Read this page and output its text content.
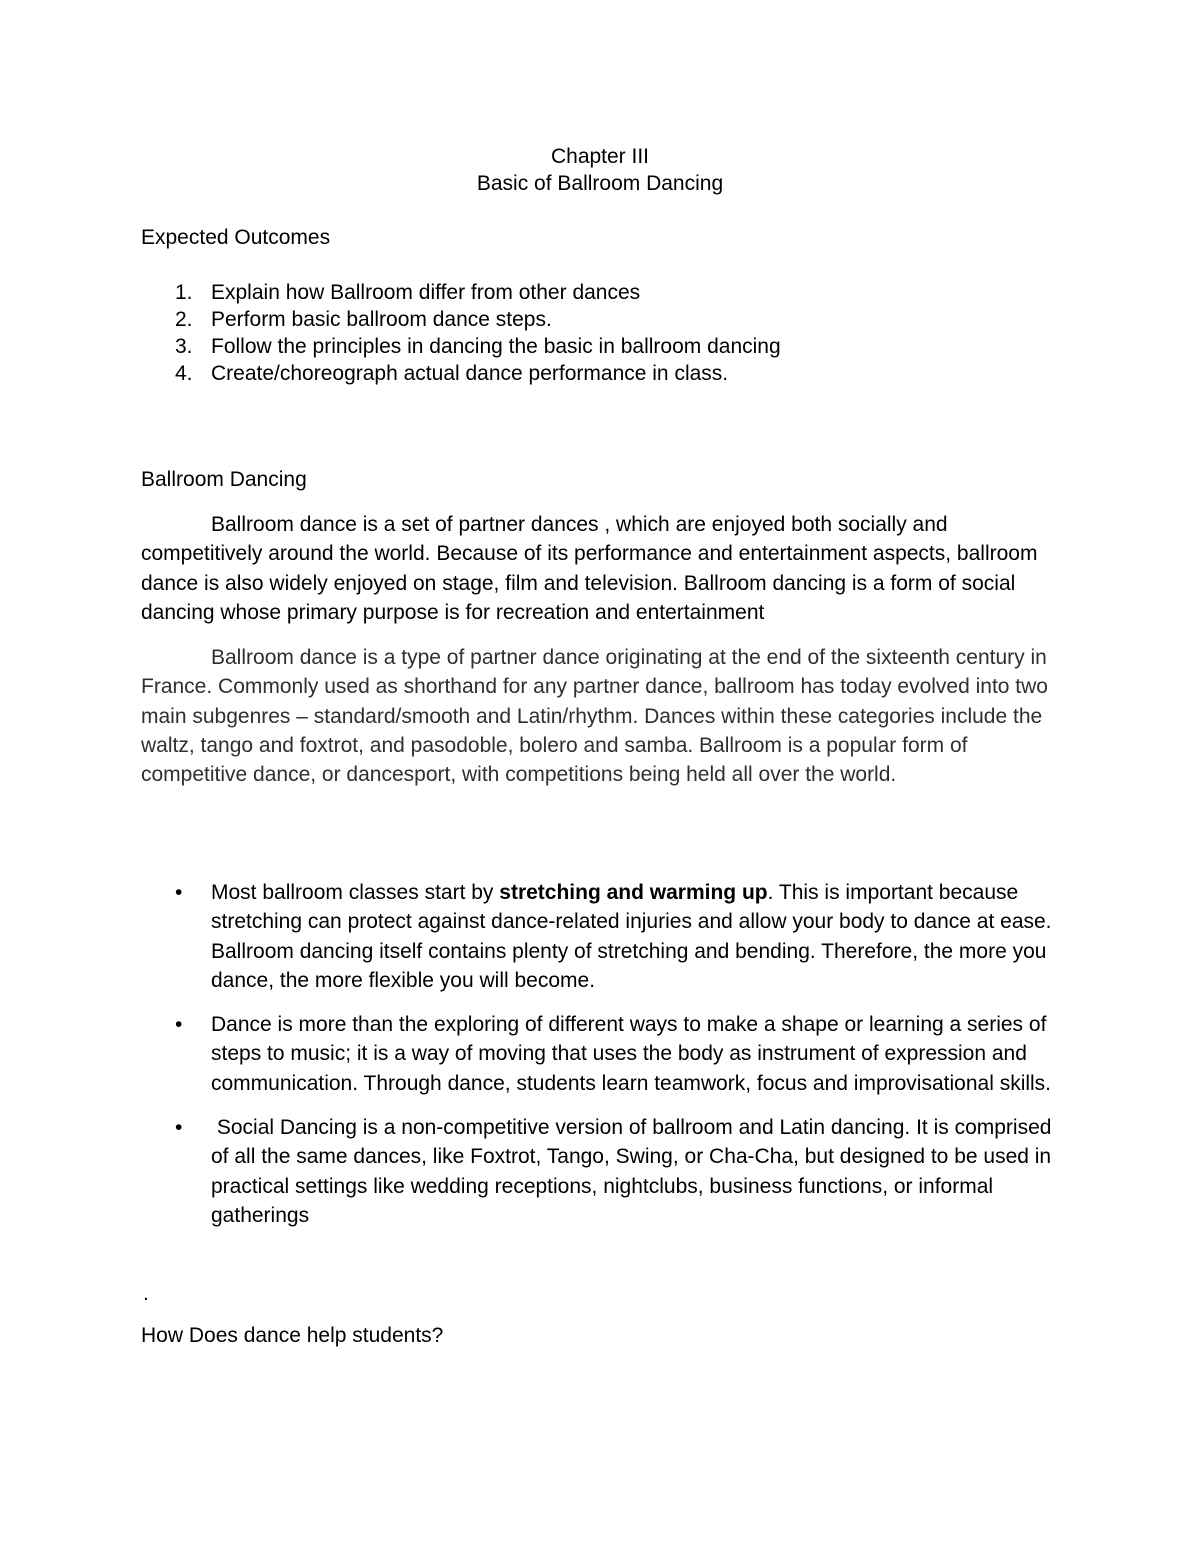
Chapter III
Basic of Ballroom Dancing
Expected Outcomes
1. Explain how Ballroom differ from other dances
2. Perform basic ballroom dance steps.
3. Follow the principles in dancing the basic in ballroom dancing
4. Create/choreograph actual dance performance in class.
Ballroom Dancing

Ballroom dance is a set of partner dances , which are enjoyed both socially and competitively around the world. Because of its performance and entertainment aspects, ballroom dance is also widely enjoyed on stage, film and television. Ballroom dancing is a form of social dancing whose primary purpose is for recreation and entertainment

Ballroom dance is a type of partner dance originating at the end of the sixteenth century in France. Commonly used as shorthand for any partner dance, ballroom has today evolved into two main subgenres – standard/smooth and Latin/rhythm. Dances within these categories include the waltz, tango and foxtrot, and pasodoble, bolero and samba. Ballroom is a popular form of competitive dance, or dancesport, with competitions being held all over the world.

• Most ballroom classes start by stretching and warming up. This is important because stretching can protect against dance-related injuries and allow your body to dance at ease. Ballroom dancing itself contains plenty of stretching and bending. Therefore, the more you dance, the more flexible you will become.
• Dance is more than the exploring of different ways to make a shape or learning a series of steps to music; it is a way of moving that uses the body as instrument of expression and communication. Through dance, students learn teamwork, focus and improvisational skills.
• Social Dancing is a non-competitive version of ballroom and Latin dancing. It is comprised of all the same dances, like Foxtrot, Tango, Swing, or Cha-Cha, but designed to be used in practical settings like wedding receptions, nightclubs, business functions, or informal gatherings
.
How Does dance help students?
